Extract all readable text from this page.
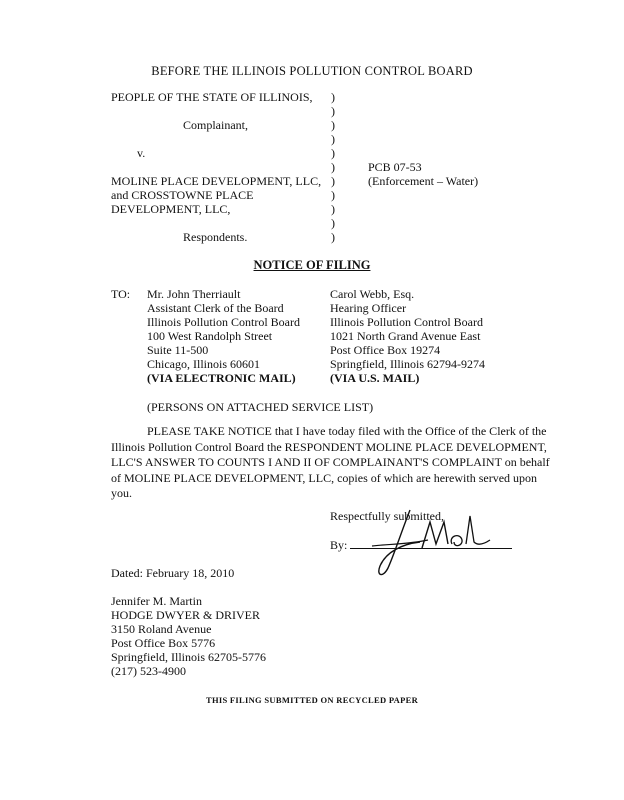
BEFORE THE ILLINOIS POLLUTION CONTROL BOARD
PEOPLE OF THE STATE OF ILLINOIS,
Complainant,
v.
MOLINE PLACE DEVELOPMENT, LLC,
and CROSSTOWNE PLACE
DEVELOPMENT, LLC,
Respondents.
)
)
)
)
)
)
)
)
)
)
)
PCB 07-53
(Enforcement – Water)
NOTICE OF FILING
TO: Mr. John Therriault
Assistant Clerk of the Board
Illinois Pollution Control Board
100 West Randolph Street
Suite 11-500
Chicago, Illinois 60601
(VIA ELECTRONIC MAIL)
Carol Webb, Esq.
Hearing Officer
Illinois Pollution Control Board
1021 North Grand Avenue East
Post Office Box 19274
Springfield, Illinois 62794-9274
(VIA U.S. MAIL)
(PERSONS ON ATTACHED SERVICE LIST)
PLEASE TAKE NOTICE that I have today filed with the Office of the Clerk of the Illinois Pollution Control Board the RESPONDENT MOLINE PLACE DEVELOPMENT, LLC'S ANSWER TO COUNTS I AND II OF COMPLAINANT'S COMPLAINT on behalf of MOLINE PLACE DEVELOPMENT, LLC, copies of which are herewith served upon you.
Respectfully submitted,
By:
Dated: February 18, 2010
Jennifer M. Martin
HODGE DWYER & DRIVER
3150 Roland Avenue
Post Office Box 5776
Springfield, Illinois 62705-5776
(217) 523-4900
THIS FILING SUBMITTED ON RECYCLED PAPER
